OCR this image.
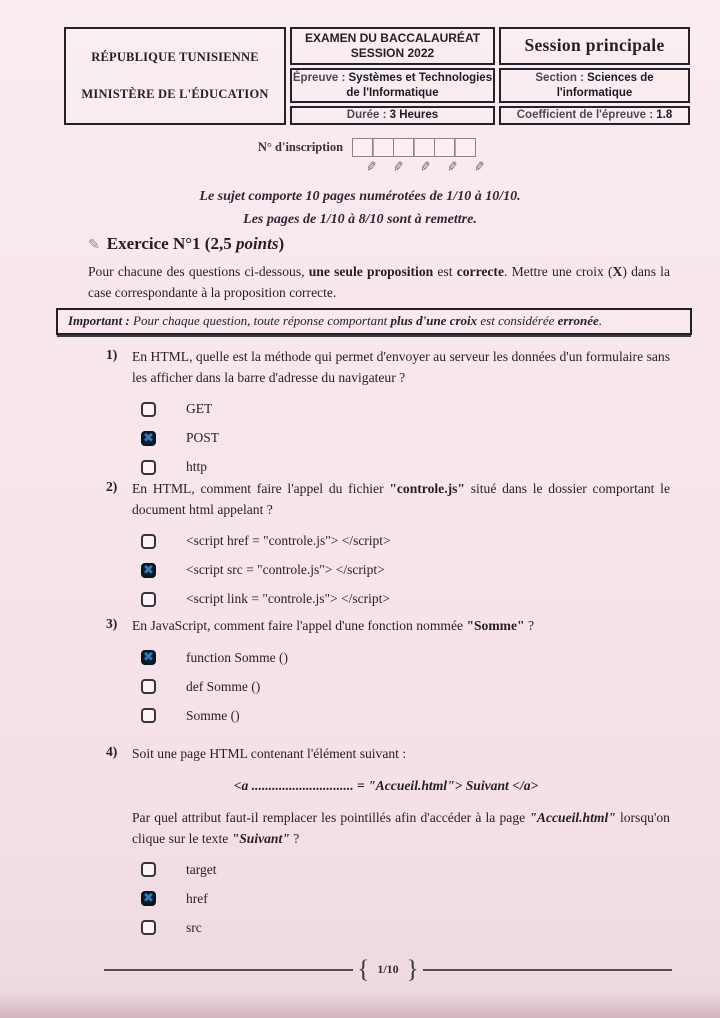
RÉPUBLIQUE TUNISIENNE
MINISTÈRE DE L'ÉDUCATION
EXAMEN DU BACCALAURÉAT
SESSION 2022
Épreuve : Systèmes et Technologies de l'Informatique
Durée : 3 Heures
Session principale
Section : Sciences de l'informatique
Coefficient de l'épreuve : 1.8
N° d'inscription
✎ ✎ ✎ ✎ ✎
Le sujet comporte 10 pages numérotées de 1/10 à 10/10.
Les pages de 1/10 à 8/10 sont à remettre.
✎ Exercice N°1 (2,5 points)
Pour chacune des questions ci-dessous, une seule proposition est correcte. Mettre une croix (X) dans la case correspondante à la proposition correcte.
Important : Pour chaque question, toute réponse comportant plus d'une croix est considérée erronée.
1)	En HTML, quelle est la méthode qui permet d'envoyer au serveur les données d'un formulaire sans les afficher dans la barre d'adresse du navigateur ?
GET
✖ POST
http
2)	En HTML, comment faire l'appel du fichier "controle.js" situé dans le dossier comportant le document html appelant ?
<script href = "controle.js"> </script>
✖ <script src = "controle.js"> </script>
<script link = "controle.js"> </script>
3)	En JavaScript, comment faire l'appel d'une fonction nommée "Somme" ?
✖ function Somme ()
def Somme ()
Somme ()
4)	Soit une page HTML contenant l'élément suivant :
<a .............................. = "Accueil.html"> Suivant </a>
Par quel attribut faut-il remplacer les pointillés afin d'accéder à la page "Accueil.html" lorsqu'on clique sur le texte "Suivant" ?
target
✖ href
src
{ 1/10 }
